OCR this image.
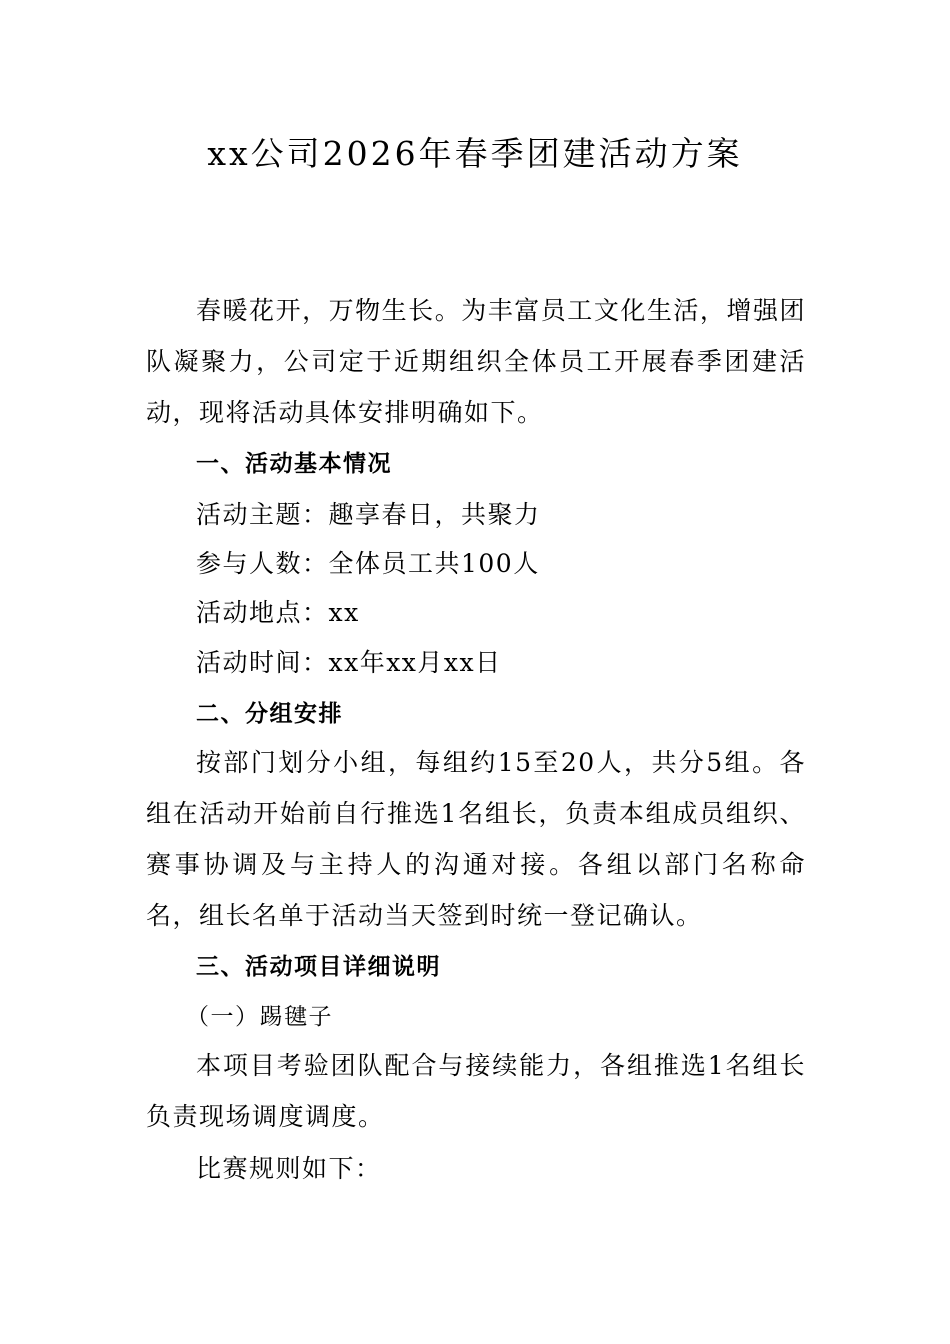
xx公司2026年春季团建活动方案

春暖花开，万物生长。为丰富员工文化生活，增强团队凝聚力，公司定于近期组织全体员工开展春季团建活动，现将活动具体安排明确如下。

一、活动基本情况

活动主题：趣享春日，共聚力

参与人数：全体员工共100人

活动地点：xx

活动时间：xx年xx月xx日

二、分组安排

按部门划分小组，每组约15至20人，共分5组。各组在活动开始前自行推选1名组长，负责本组成员组织、赛事协调及与主持人的沟通对接。各组以部门名称命名，组长名单于活动当天签到时统一登记确认。

三、活动项目详细说明

（一）踢毽子

本项目考验团队配合与接续能力，各组推选1名组长负责现场调度调度。

比赛规则如下：
